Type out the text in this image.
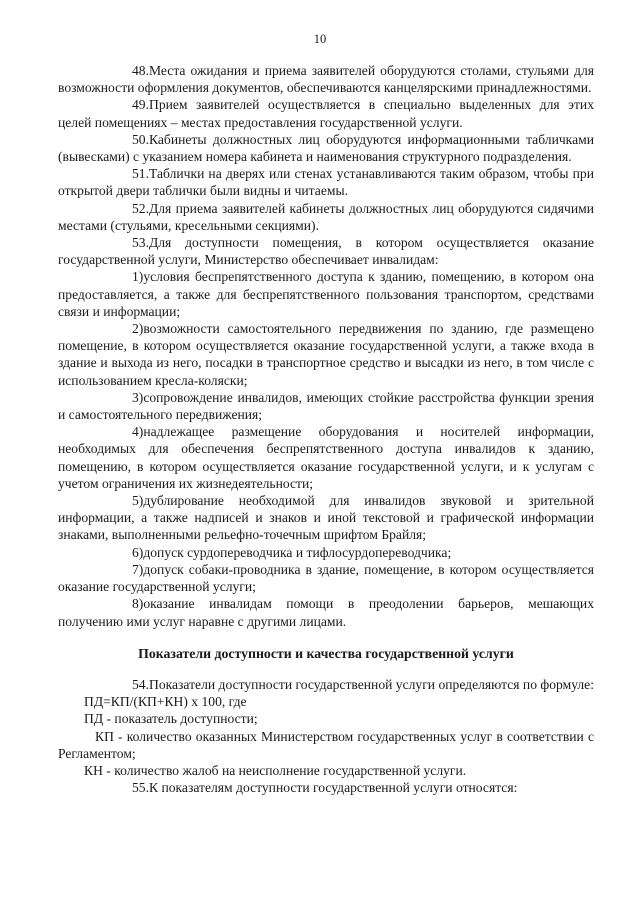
10

48.Места ожидания и приема заявителей оборудуются столами, стульями для возможности оформления документов, обеспечиваются канцелярскими принадлежностями.

49.Прием заявителей осуществляется в специально выделенных для этих целей помещениях – местах предоставления государственной услуги.

50.Кабинеты должностных лиц оборудуются информационными табличками (вывесками) с указанием номера кабинета и наименования структурного подразделения.

51.Таблички на дверях или стенах устанавливаются таким образом, чтобы при открытой двери таблички были видны и читаемы.

52.Для приема заявителей кабинеты должностных лиц оборудуются сидячими местами (стульями, кресельными секциями).

53.Для доступности помещения, в котором осуществляется оказание государственной услуги, Министерство обеспечивает инвалидам:

1)условия беспрепятственного доступа к зданию, помещению, в котором она предоставляется, а также для беспрепятственного пользования транспортом, средствами связи и информации;

2)возможности самостоятельного передвижения по зданию, где размещено помещение, в котором осуществляется оказание государственной услуги, а также входа в здание и выхода из него, посадки в транспортное средство и высадки из него, в том числе с использованием кресла-коляски;

3)сопровождение инвалидов, имеющих стойкие расстройства функции зрения и самостоятельного передвижения;

4)надлежащее размещение оборудования и носителей информации, необходимых для обеспечения беспрепятственного доступа инвалидов к зданию, помещению, в котором осуществляется оказание государственной услуги, и к услугам с учетом ограничения их жизнедеятельности;

5)дублирование необходимой для инвалидов звуковой и зрительной информации, а также надписей и знаков и иной текстовой и графической информации знаками, выполненными рельефно-точечным шрифтом Брайля;

6)допуск сурдопереводчика и тифлосурдопереводчика;

7)допуск собаки-проводника в здание, помещение, в котором осуществляется оказание государственной услуги;

8)оказание инвалидам помощи в преодолении барьеров, мешающих получению ими услуг наравне с другими лицами.

Показатели доступности и качества государственной услуги

54.Показатели доступности государственной услуги определяются по формуле:

ПД=КП/(КП+КН) х 100, где

ПД - показатель доступности;

КП - количество оказанных Министерством государственных услуг в соответствии с Регламентом;

КН - количество жалоб на неисполнение государственной услуги.

55.К показателям доступности государственной услуги относятся:
